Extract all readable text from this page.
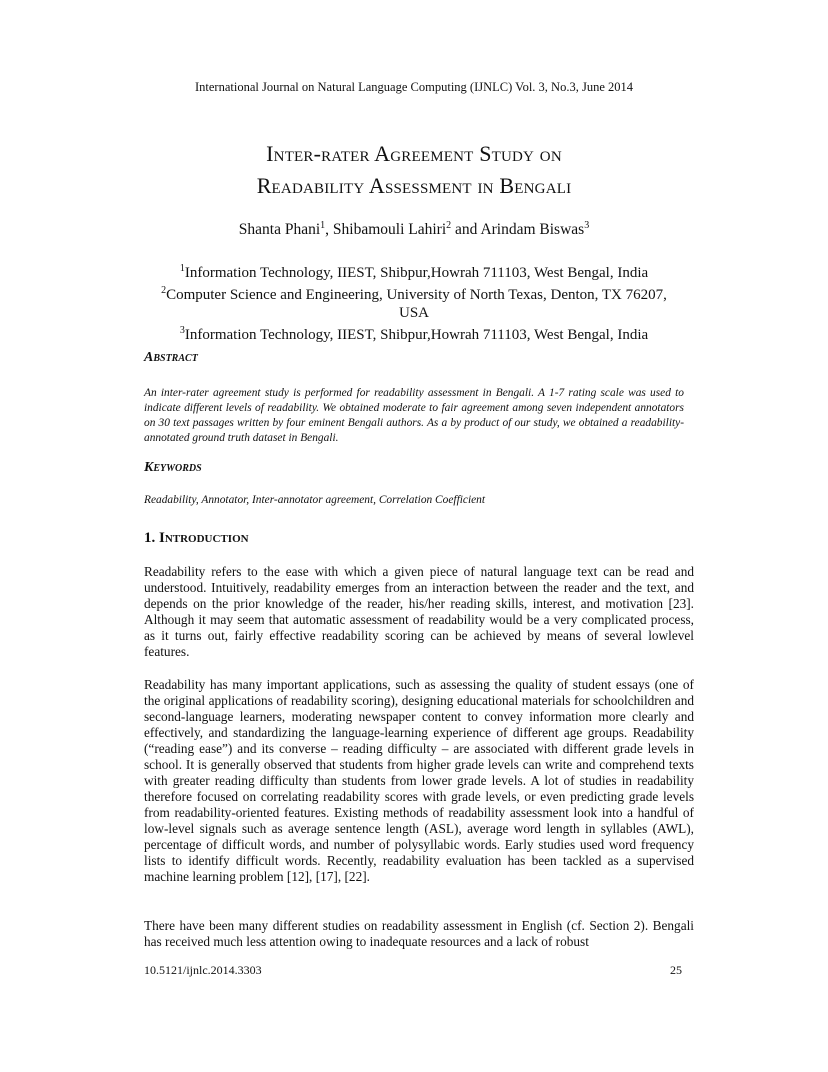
International Journal on Natural Language Computing (IJNLC) Vol. 3, No.3, June 2014
Inter-rater Agreement Study on
Readability Assessment in Bengali
Shanta Phani$^1$, Shibamouli Lahiri$^2$ and Arindam Biswas$^3$
$^1$Information Technology, IIEST, Shibpur,Howrah 711103, West Bengal, India
$^2$Computer Science and Engineering, University of North Texas, Denton, TX 76207,
USA
$^3$Information Technology, IIEST, Shibpur,Howrah 711103, West Bengal, India
Abstract
An inter-rater agreement study is performed for readability assessment in Bengali. A 1-7 rating scale was used to indicate different levels of readability. We obtained moderate to fair agreement among seven independent annotators on 30 text passages written by four eminent Bengali authors. As a by product of our study, we obtained a readability-annotated ground truth dataset in Bengali.
Keywords
Readability, Annotator, Inter-annotator agreement, Correlation Coefficient
1. Introduction
Readability refers to the ease with which a given piece of natural language text can be read and understood. Intuitively, readability emerges from an interaction between the reader and the text, and depends on the prior knowledge of the reader, his/her reading skills, interest, and motivation [23]. Although it may seem that automatic assessment of readability would be a very complicated process, as it turns out, fairly effective readability scoring can be achieved by means of several lowlevel features.
Readability has many important applications, such as assessing the quality of student essays (one of the original applications of readability scoring), designing educational materials for schoolchildren and second-language learners, moderating newspaper content to convey information more clearly and effectively, and standardizing the language-learning experience of different age groups. Readability (“reading ease”) and its converse – reading difficulty – are associated with different grade levels in school. It is generally observed that students from higher grade levels can write and comprehend texts with greater reading difficulty than students from lower grade levels. A lot of studies in readability therefore focused on correlating readability scores with grade levels, or even predicting grade levels from readability-oriented features. Existing methods of readability assessment look into a handful of low-level signals such as average sentence length (ASL), average word length in syllables (AWL), percentage of difficult words, and number of polysyllabic words. Early studies used word frequency lists to identify difficult words. Recently, readability evaluation has been tackled as a supervised machine learning problem [12], [17], [22].
There have been many different studies on readability assessment in English (cf. Section 2). Bengali has received much less attention owing to inadequate resources and a lack of robust
10.5121/ijnlc.2014.3303	25
